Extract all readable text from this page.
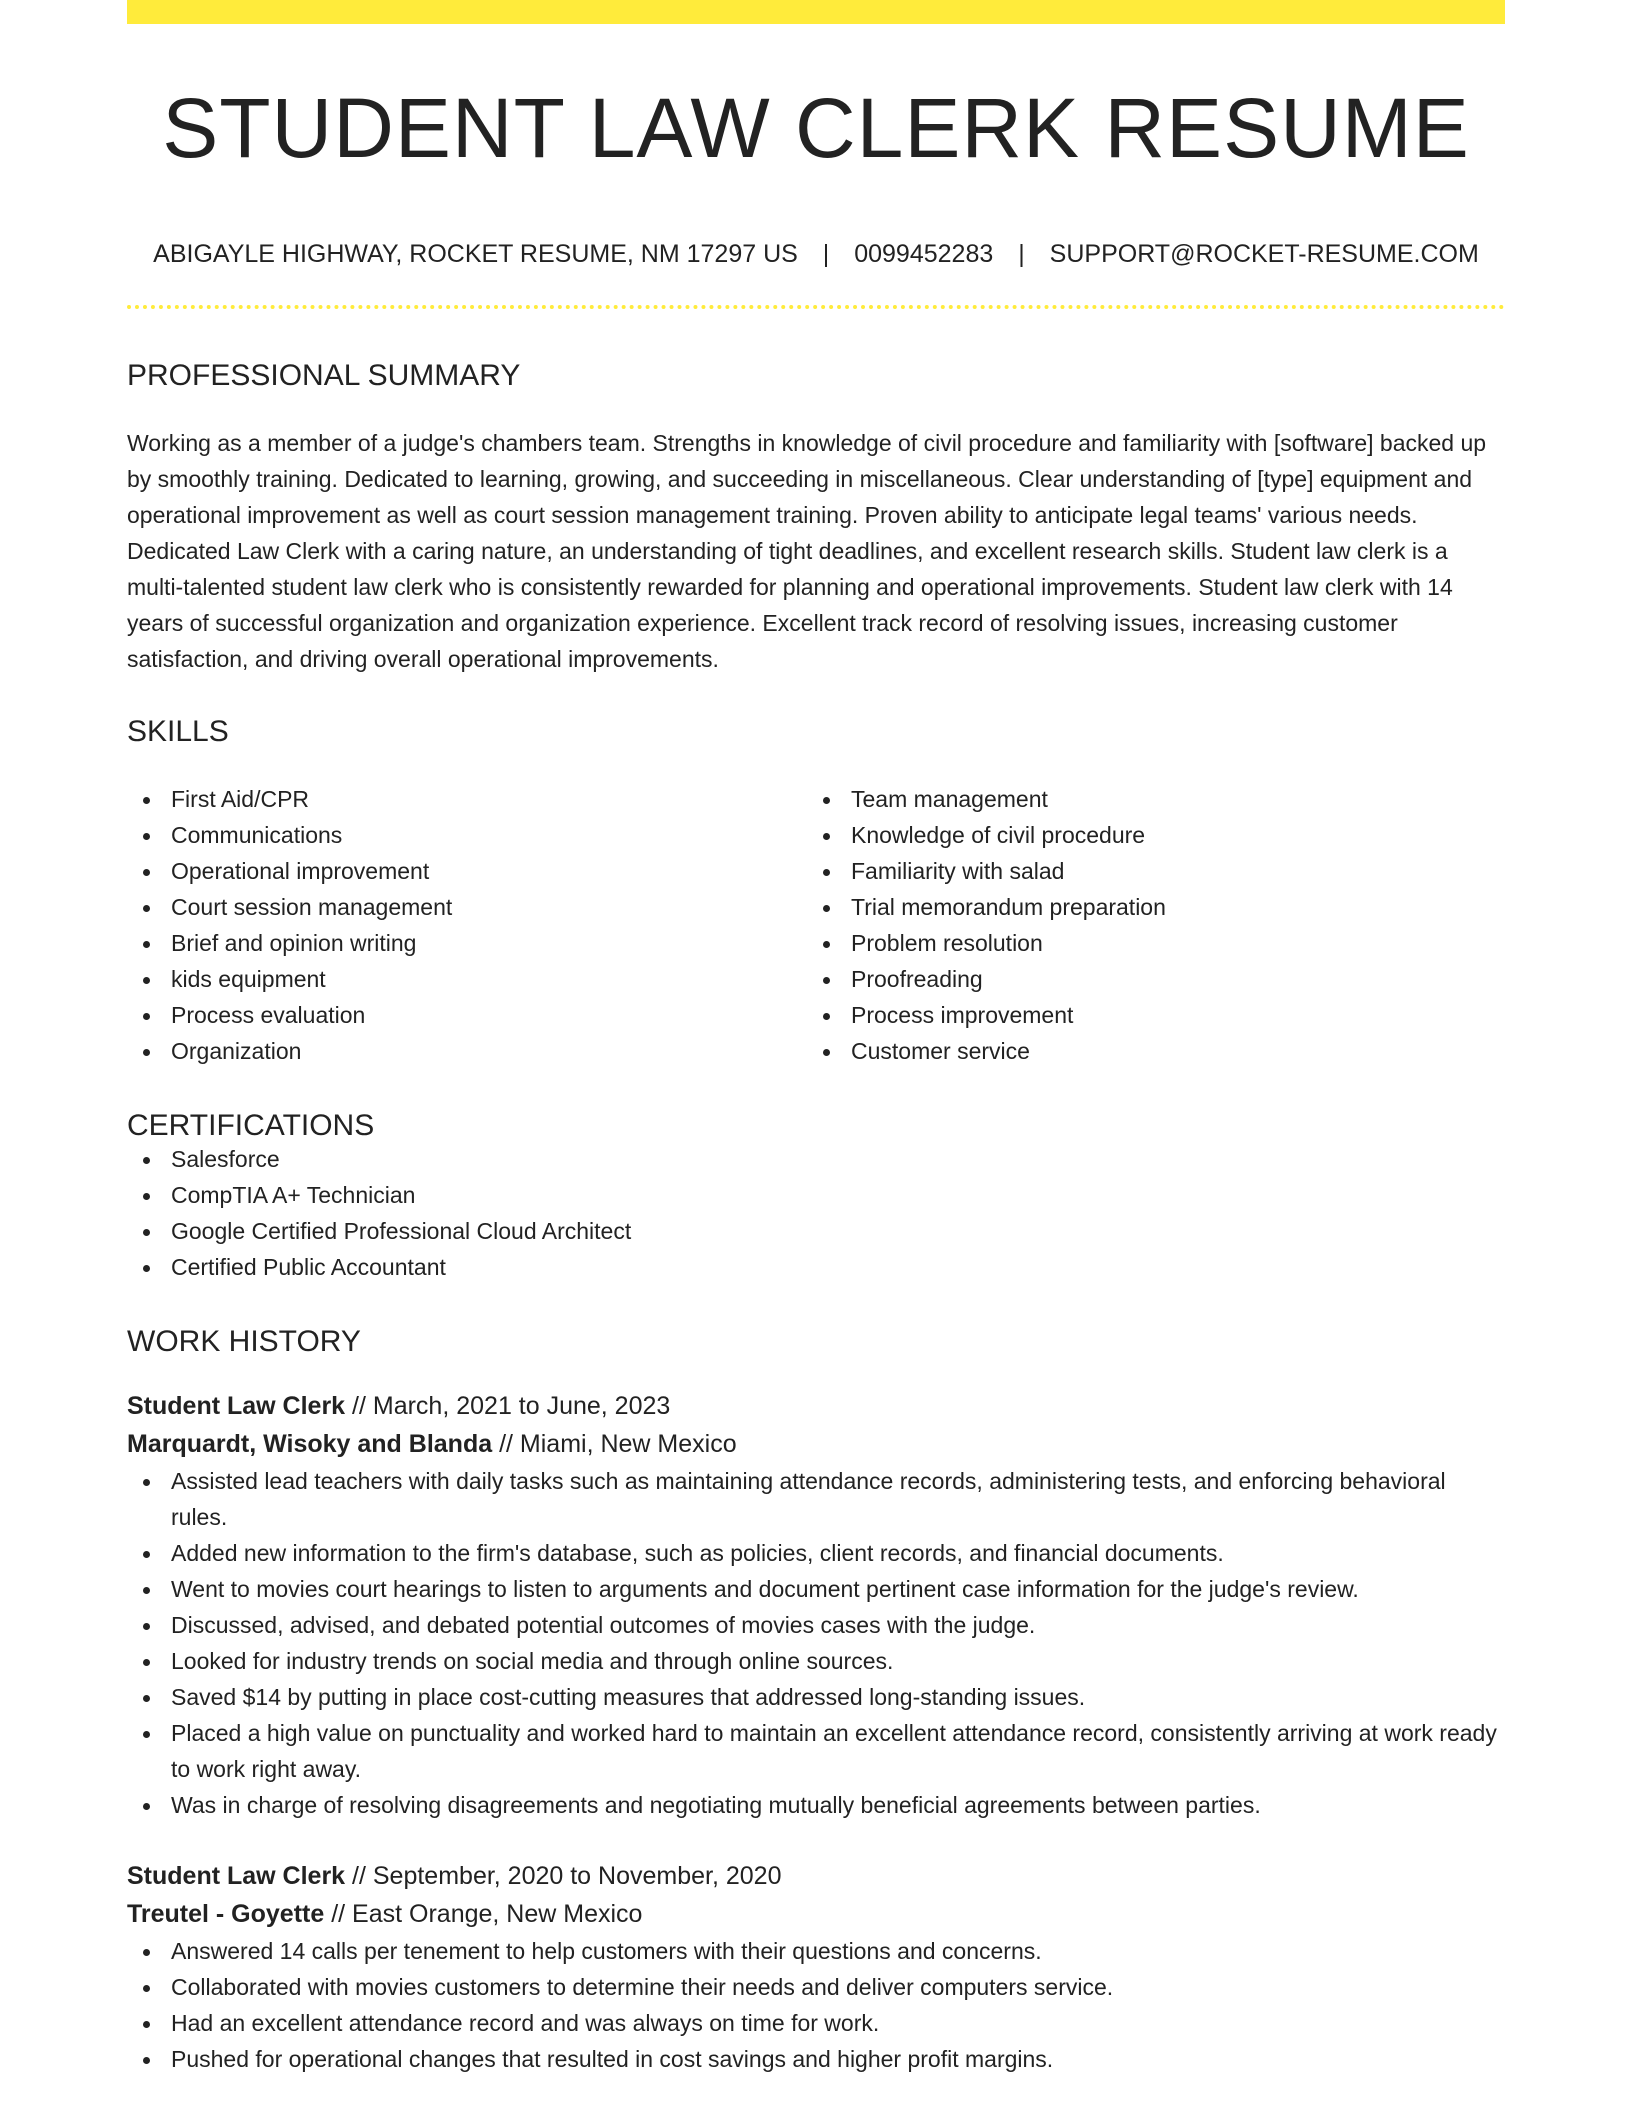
STUDENT LAW CLERK RESUME
ABIGAYLE HIGHWAY, ROCKET RESUME, NM 17297 US | 0099452283 | SUPPORT@ROCKET-RESUME.COM
PROFESSIONAL SUMMARY

Working as a member of a judge's chambers team. Strengths in knowledge of civil procedure and familiarity with [software] backed up by smoothly training. Dedicated to learning, growing, and succeeding in miscellaneous. Clear understanding of [type] equipment and operational improvement as well as court session management training. Proven ability to anticipate legal teams' various needs. Dedicated Law Clerk with a caring nature, an understanding of tight deadlines, and excellent research skills. Student law clerk is a multi-talented student law clerk who is consistently rewarded for planning and operational improvements. Student law clerk with 14 years of successful organization and organization experience. Excellent track record of resolving issues, increasing customer satisfaction, and driving overall operational improvements.

SKILLS
First Aid/CPR
Communications
Operational improvement
Court session management
Brief and opinion writing
kids equipment
Process evaluation
Organization
Team management
Knowledge of civil procedure
Familiarity with salad
Trial memorandum preparation
Problem resolution
Proofreading
Process improvement
Customer service
CERTIFICATIONS
Salesforce
CompTIA A+ Technician
Google Certified Professional Cloud Architect
Certified Public Accountant
WORK HISTORY
Student Law Clerk // March, 2021 to June, 2023
Marquardt, Wisoky and Blanda // Miami, New Mexico
Assisted lead teachers with daily tasks such as maintaining attendance records, administering tests, and enforcing behavioral rules.
Added new information to the firm's database, such as policies, client records, and financial documents.
Went to movies court hearings to listen to arguments and document pertinent case information for the judge's review.
Discussed, advised, and debated potential outcomes of movies cases with the judge.
Looked for industry trends on social media and through online sources.
Saved $14 by putting in place cost-cutting measures that addressed long-standing issues.
Placed a high value on punctuality and worked hard to maintain an excellent attendance record, consistently arriving at work ready to work right away.
Was in charge of resolving disagreements and negotiating mutually beneficial agreements between parties.
Student Law Clerk // September, 2020 to November, 2020
Treutel - Goyette // East Orange, New Mexico
Answered 14 calls per tenement to help customers with their questions and concerns.
Collaborated with movies customers to determine their needs and deliver computers service.
Had an excellent attendance record and was always on time for work.
Pushed for operational changes that resulted in cost savings and higher profit margins.
